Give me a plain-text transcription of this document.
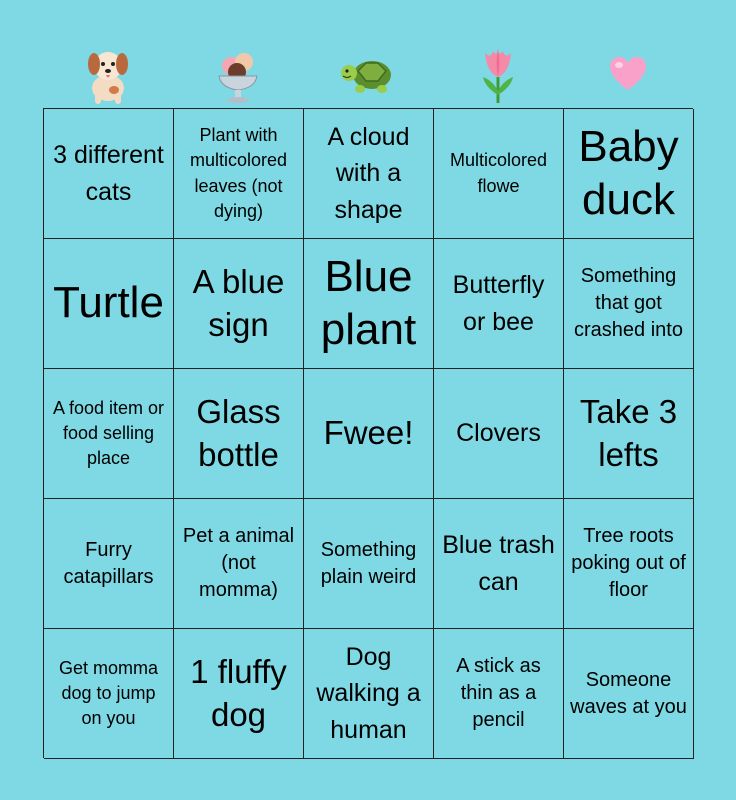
3 different cats
Plant with multicolored leaves (not dying)
A cloud with a shape
Multicolored flowe
Baby duck
Turtle A blue sign
Blue plant
Butterfly or bee
Something that got crashed into
A food item or food selling place
Glass bottle
Fwee! Clovers
Take 3 lefts
Furry catapillars
Pet a animal (not momma)
Something plain weird
Blue trash can
Tree roots poking out of floor
Get momma dog to jump on you
1 fluffy dog
Dog walking a human
A stick as thin as a pencil
Someone waves at you
